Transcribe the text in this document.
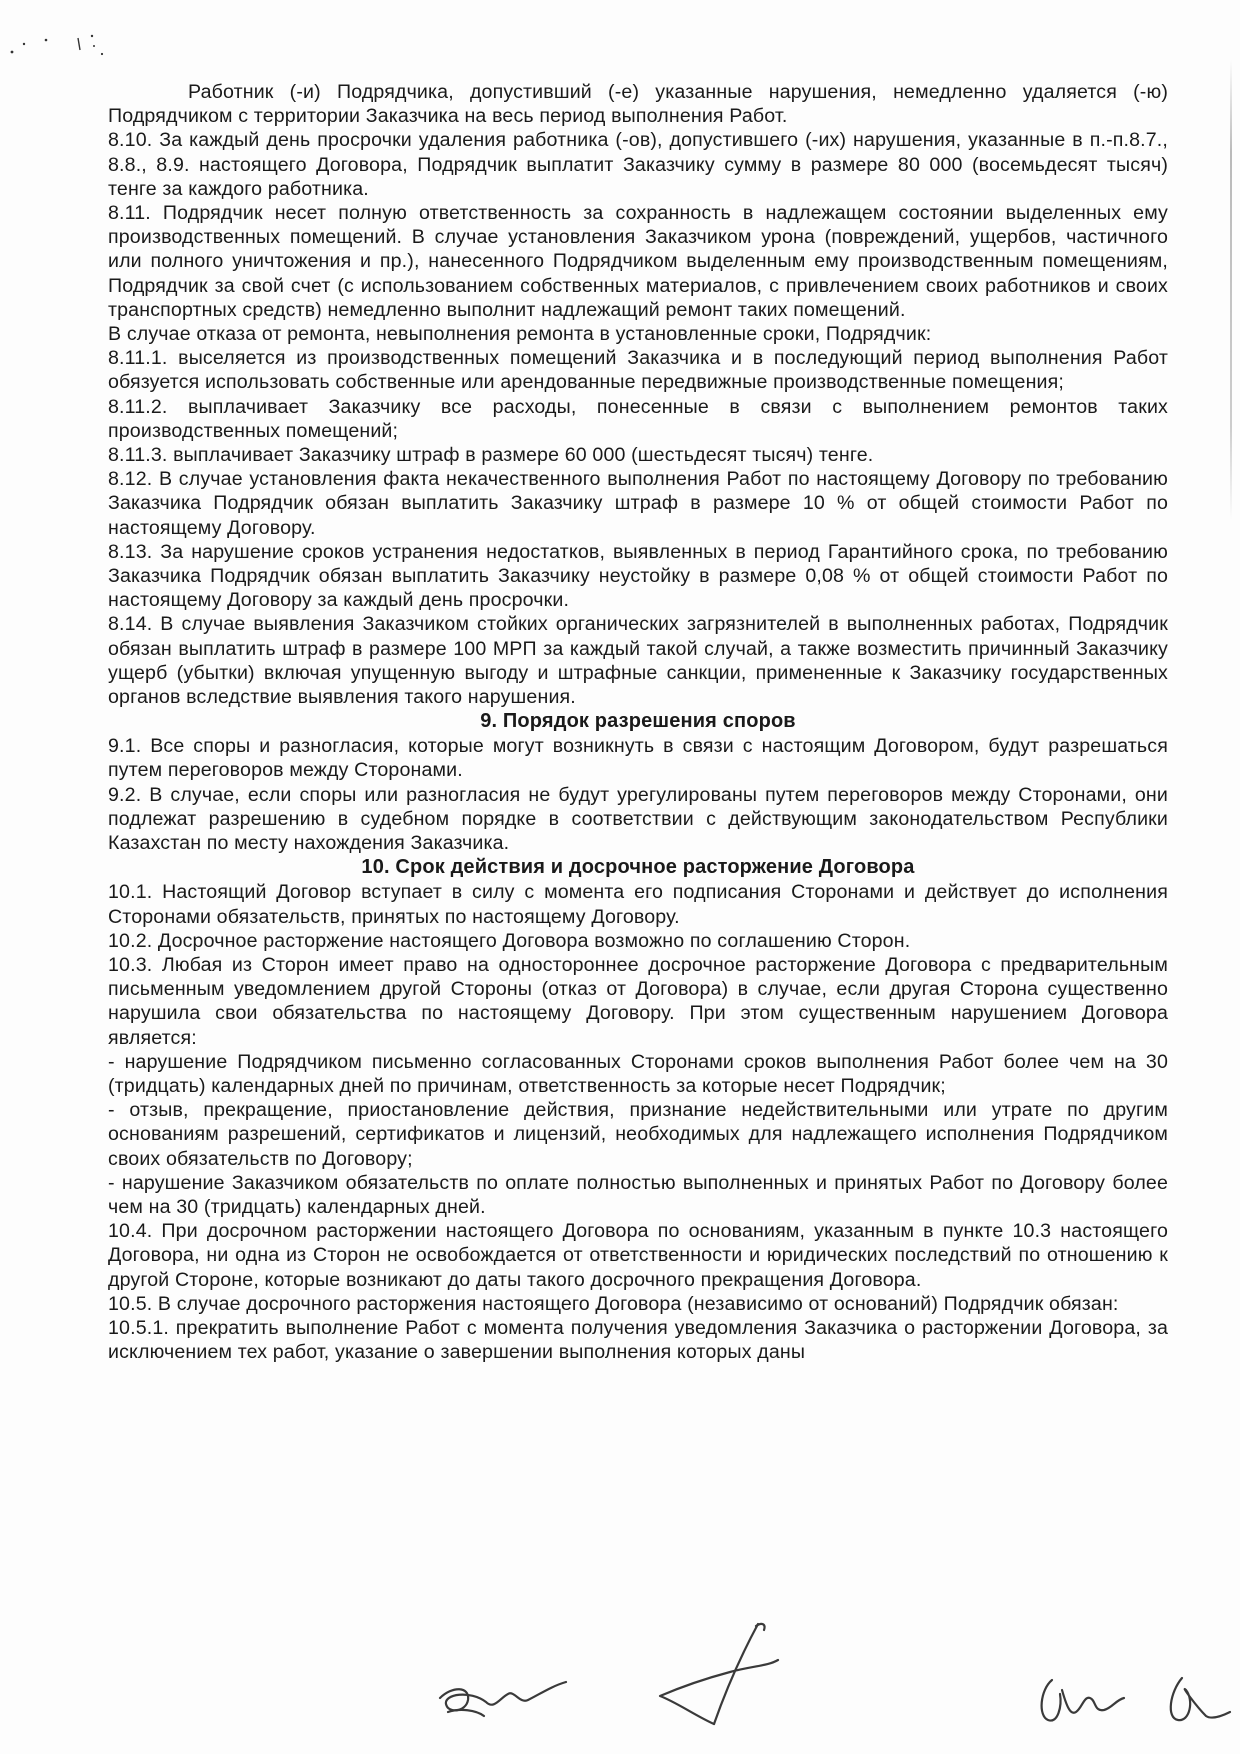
Работник (-и) Подрядчика, допустивший (-е) указанные нарушения, немедленно удаляется (-ю) Подрядчиком с территории Заказчика на весь период выполнения Работ.

8.10. За каждый день просрочки удаления работника (-ов), допустившего (-их) нарушения, указанные в п.-п.8.7., 8.8., 8.9. настоящего Договора, Подрядчик выплатит Заказчику сумму в размере 80 000 (восемьдесят тысяч) тенге за каждого работника.

8.11. Подрядчик несет полную ответственность за сохранность в надлежащем состоянии выделенных ему производственных помещений. В случае установления Заказчиком урона (повреждений, ущербов, частичного или полного уничтожения и пр.), нанесенного Подрядчиком выделенным ему производственным помещениям, Подрядчик за свой счет (с использованием собственных материалов, с привлечением своих работников и своих транспортных средств) немедленно выполнит надлежащий ремонт таких помещений.

В случае отказа от ремонта, невыполнения ремонта в установленные сроки, Подрядчик:

8.11.1. выселяется из производственных помещений Заказчика и в последующий период выполнения Работ обязуется использовать собственные или арендованные передвижные производственные помещения;

8.11.2. выплачивает Заказчику все расходы, понесенные в связи с выполнением ремонтов таких производственных помещений;

8.11.3. выплачивает Заказчику штраф в размере 60 000 (шестьдесят тысяч) тенге.

8.12. В случае установления факта некачественного выполнения Работ по настоящему Договору по требованию Заказчика Подрядчик обязан выплатить Заказчику штраф в размере 10 % от общей стоимости Работ по настоящему Договору.

8.13. За нарушение сроков устранения недостатков, выявленных в период Гарантийного срока, по требованию Заказчика Подрядчик обязан выплатить Заказчику неустойку в размере 0,08 % от общей стоимости Работ по настоящему Договору за каждый день просрочки.

8.14. В случае выявления Заказчиком стойких органических загрязнителей в выполненных работах, Подрядчик обязан выплатить штраф в размере 100 МРП за каждый такой случай, а также возместить причинный Заказчику ущерб (убытки) включая упущенную выгоду и штрафные санкции, примененные к Заказчику государственных органов вследствие выявления такого нарушения.

9. Порядок разрешения споров

9.1. Все споры и разногласия, которые могут возникнуть в связи с настоящим Договором, будут разрешаться путем переговоров между Сторонами.

9.2. В случае, если споры или разногласия не будут урегулированы путем переговоров между Сторонами, они подлежат разрешению в судебном порядке в соответствии с действующим законодательством Республики Казахстан по месту нахождения Заказчика.

10. Срок действия и досрочное расторжение Договора

10.1. Настоящий Договор вступает в силу с момента его подписания Сторонами и действует до исполнения Сторонами обязательств, принятых по настоящему Договору.

10.2. Досрочное расторжение настоящего Договора возможно по соглашению Сторон.

10.3. Любая из Сторон имеет право на одностороннее досрочное расторжение Договора с предварительным письменным уведомлением другой Стороны (отказ от Договора) в случае, если другая Сторона существенно нарушила свои обязательства по настоящему Договору. При этом существенным нарушением Договора является:

- нарушение Подрядчиком письменно согласованных Сторонами сроков выполнения Работ более чем на 30 (тридцать) календарных дней по причинам, ответственность за которые несет Подрядчик;

- отзыв, прекращение, приостановление действия, признание недействительными или утрате по другим основаниям разрешений, сертификатов и лицензий, необходимых для надлежащего исполнения Подрядчиком своих обязательств по Договору;

- нарушение Заказчиком обязательств по оплате полностью выполненных и принятых Работ по Договору более чем на 30 (тридцать) календарных дней.

10.4. При досрочном расторжении настоящего Договора по основаниям, указанным в пункте 10.3 настоящего Договора, ни одна из Сторон не освобождается от ответственности и юридических последствий по отношению к другой Стороне, которые возникают до даты такого досрочного прекращения Договора.

10.5. В случае досрочного расторжения настоящего Договора (независимо от оснований) Подрядчик обязан:

10.5.1. прекратить выполнение Работ с момента получения уведомления Заказчика о расторжении Договора, за исключением тех работ, указание о завершении выполнения которых даны
